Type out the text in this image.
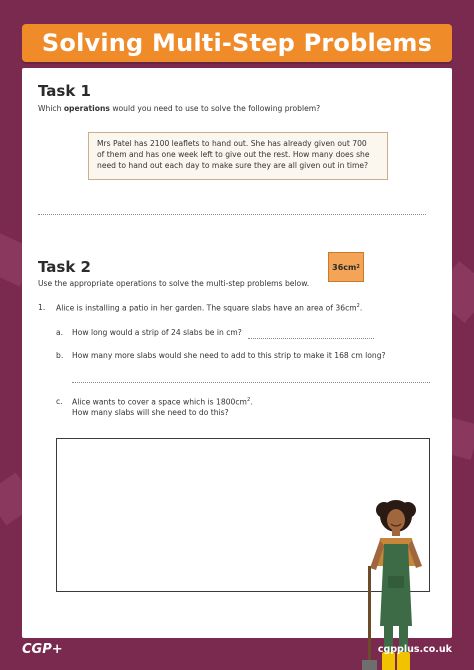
Solving Multi-Step Problems
Task 1
Which operations would you need to use to solve the following problem?
Mrs Patel has 2100 leaflets to hand out. She has already given out 700
of them and has one week left to give out the rest. How many does she
need to hand out each day to make sure they are all given out in time?
Task 2
Use the appropriate operations to solve the multi-step problems below.
36cm 2
1. Alice is installing a patio in her garden. The square slabs have an area of $36cm^2$.
a. How long would a strip of 24 slabs be in cm?
b. How many more slabs would she need to add to this strip to make it 168 cm long?
c. Alice wants to cover a space which is $1800cm^2$.
How many slabs will she need to do this?
CGP+	cgpplus.co.uk
